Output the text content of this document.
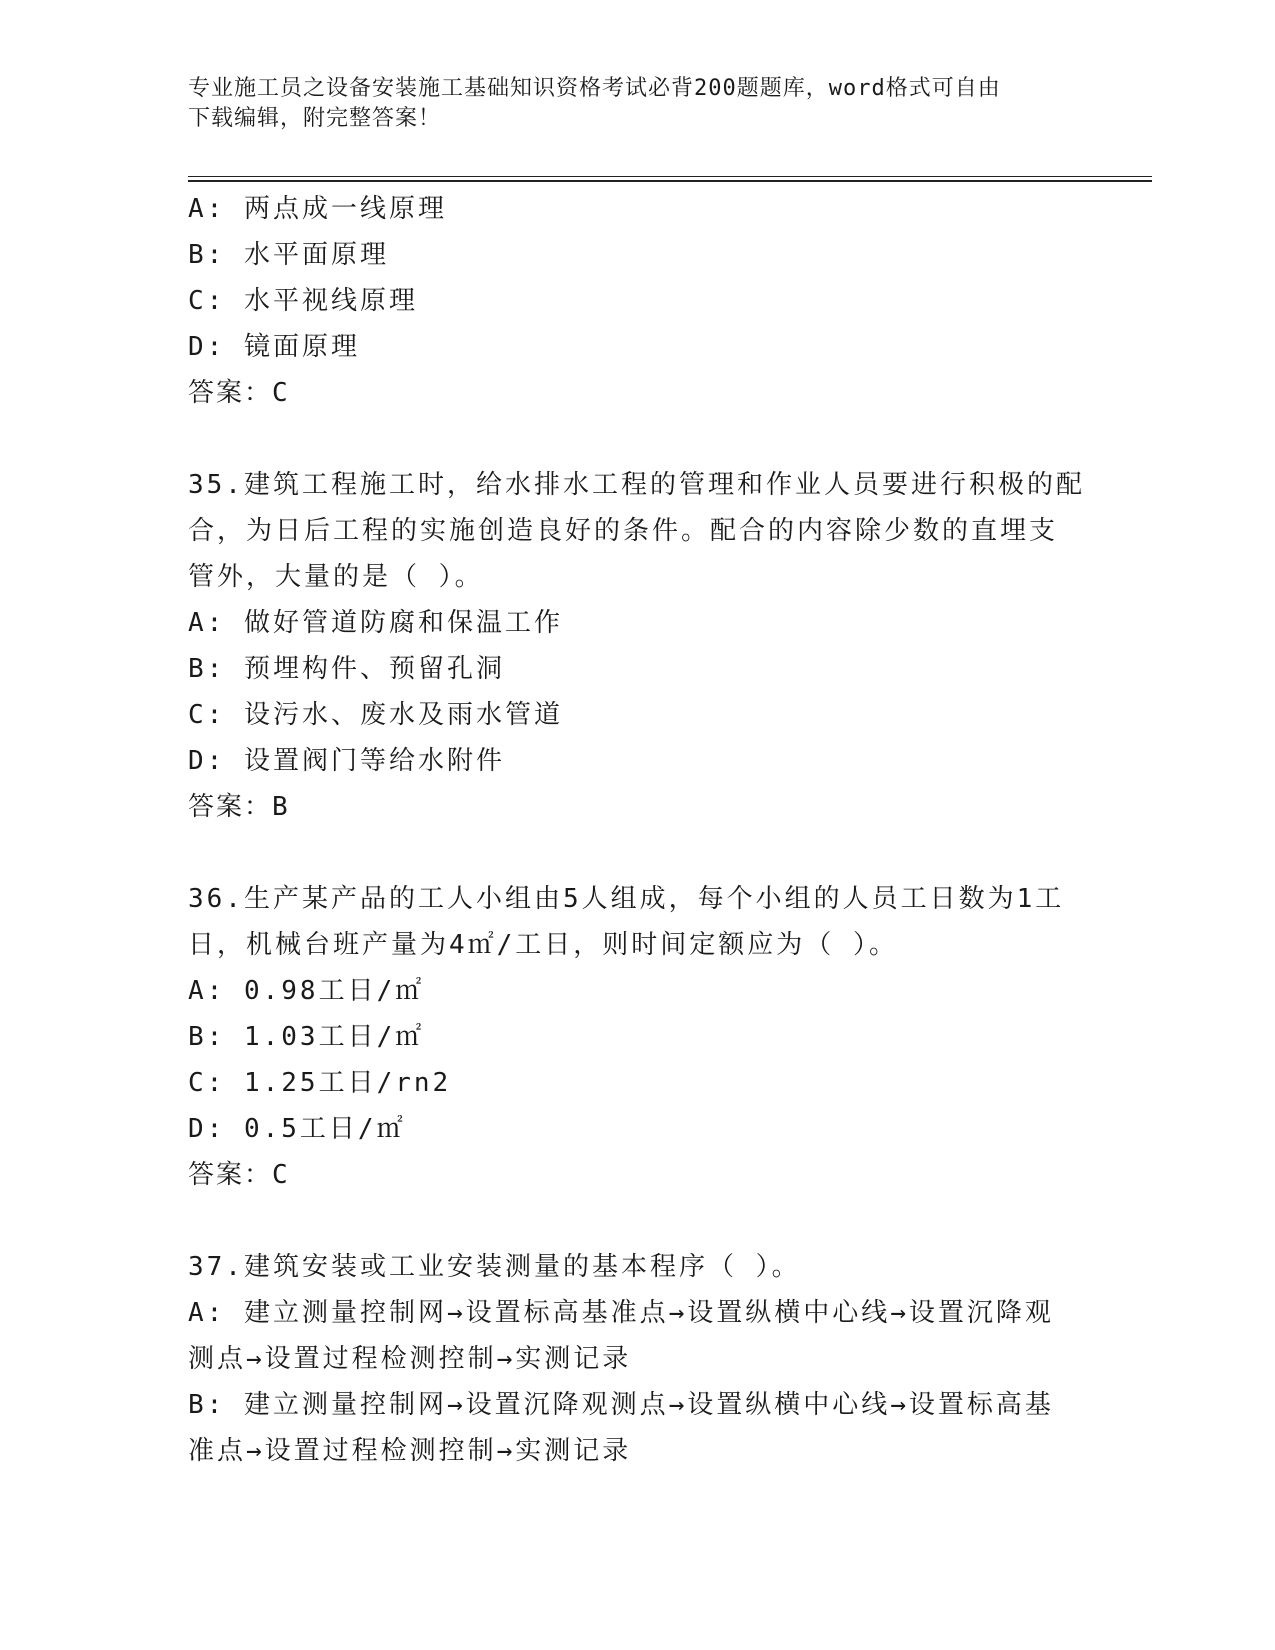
专业施工员之设备安装施工基础知识资格考试必背200题题库，word格式可自由
下载编辑，附完整答案！
A: 两点成一线原理
B: 水平面原理
C: 水平视线原理
D: 镜面原理
答案：C
35.建筑工程施工时，给水排水工程的管理和作业人员要进行积极的配
合，为日后工程的实施创造良好的条件。配合的内容除少数的直埋支
管外，大量的是（ ）。
A: 做好管道防腐和保温工作
B: 预埋构件、预留孔洞
C: 设污水、废水及雨水管道
D: 设置阀门等给水附件
答案：B
36.生产某产品的工人小组由5人组成，每个小组的人员工日数为1工
日，机械台班产量为4㎡/工日，则时间定额应为（ ）。
A: 0.98工日/㎡
B: 1.03工日/㎡
C: 1.25工日/rn2
D: 0.5工日/㎡
答案：C
37.建筑安装或工业安装测量的基本程序（ ）。
A: 建立测量控制网→设置标高基准点→设置纵横中心线→设置沉降观
测点→设置过程检测控制→实测记录
B: 建立测量控制网→设置沉降观测点→设置纵横中心线→设置标高基
准点→设置过程检测控制→实测记录
